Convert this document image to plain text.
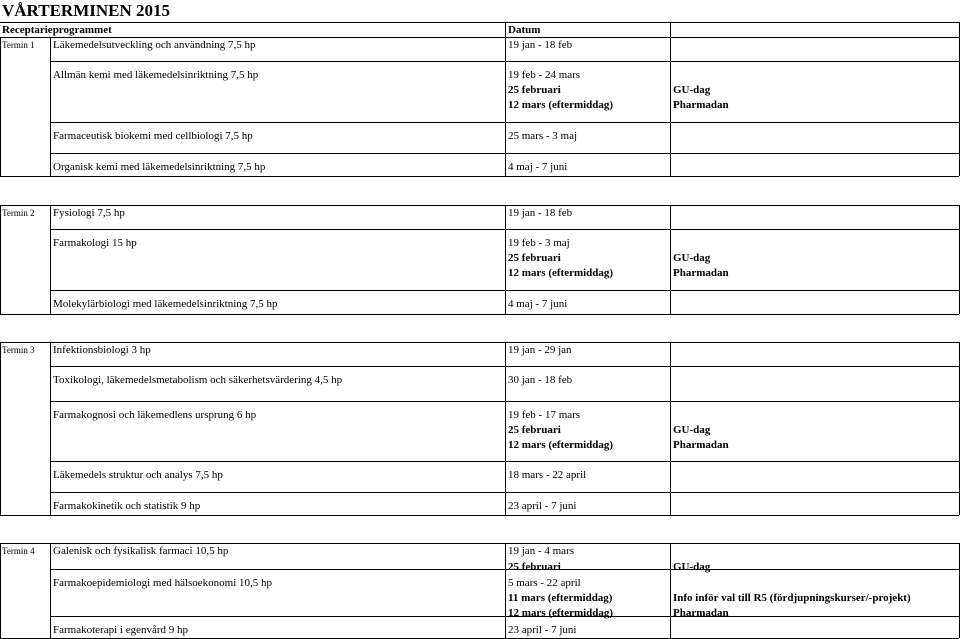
VÅRTERMINEN 2015
Receptarieprogrammet	Datum
Termin 1 Läkemedelsutveckling och användning 7,5 hp	19 jan - 18 feb
Allmän kemi med läkemedelsinriktning 7,5 hp	19 feb - 24 mars
25 februari	GU-dag
12 mars (eftermiddag)	Pharmadan
Farmaceutisk biokemi med cellbiologi 7,5 hp	25 mars - 3 maj
Organisk kemi med läkemedelsinriktning 7,5 hp	4 maj - 7 juni
Termin 2 Fysiologi 7,5 hp	19 jan - 18 feb
Farmakologi 15 hp	19 feb - 3 maj
25 februari	GU-dag
12 mars (eftermiddag)	Pharmadan
Molekylärbiologi med läkemedelsinriktning 7,5 hp	4 maj - 7 juni
Termin 3 Infektionsbiologi 3 hp	19 jan - 29 jan
Toxikologi, läkemedelsmetabolism och säkerhetsvärdering 4,5 hp	30 jan - 18 feb
Farmakognosi och läkemedlens ursprung 6 hp	19 feb - 17 mars
25 februari	GU-dag
12 mars (eftermiddag)	Pharmadan
Läkemedels struktur och analys 7,5 hp	18 mars - 22 april
Farmakokinetik och statistik 9 hp	23 april - 7 juni
Termin 4 Galenisk och fysikalisk farmaci 10,5 hp	19 jan - 4 mars
25 februari	GU-dag
Farmakoepidemiologi med hälsoekonomi 10,5 hp	5 mars - 22 april
11 mars (eftermiddag)	Info inför val till R5 (fördjupningskurser/-projekt)
12 mars (eftermiddag)	Pharmadan
Farmakoterapi i egenvård 9 hp	23 april - 7 juni
